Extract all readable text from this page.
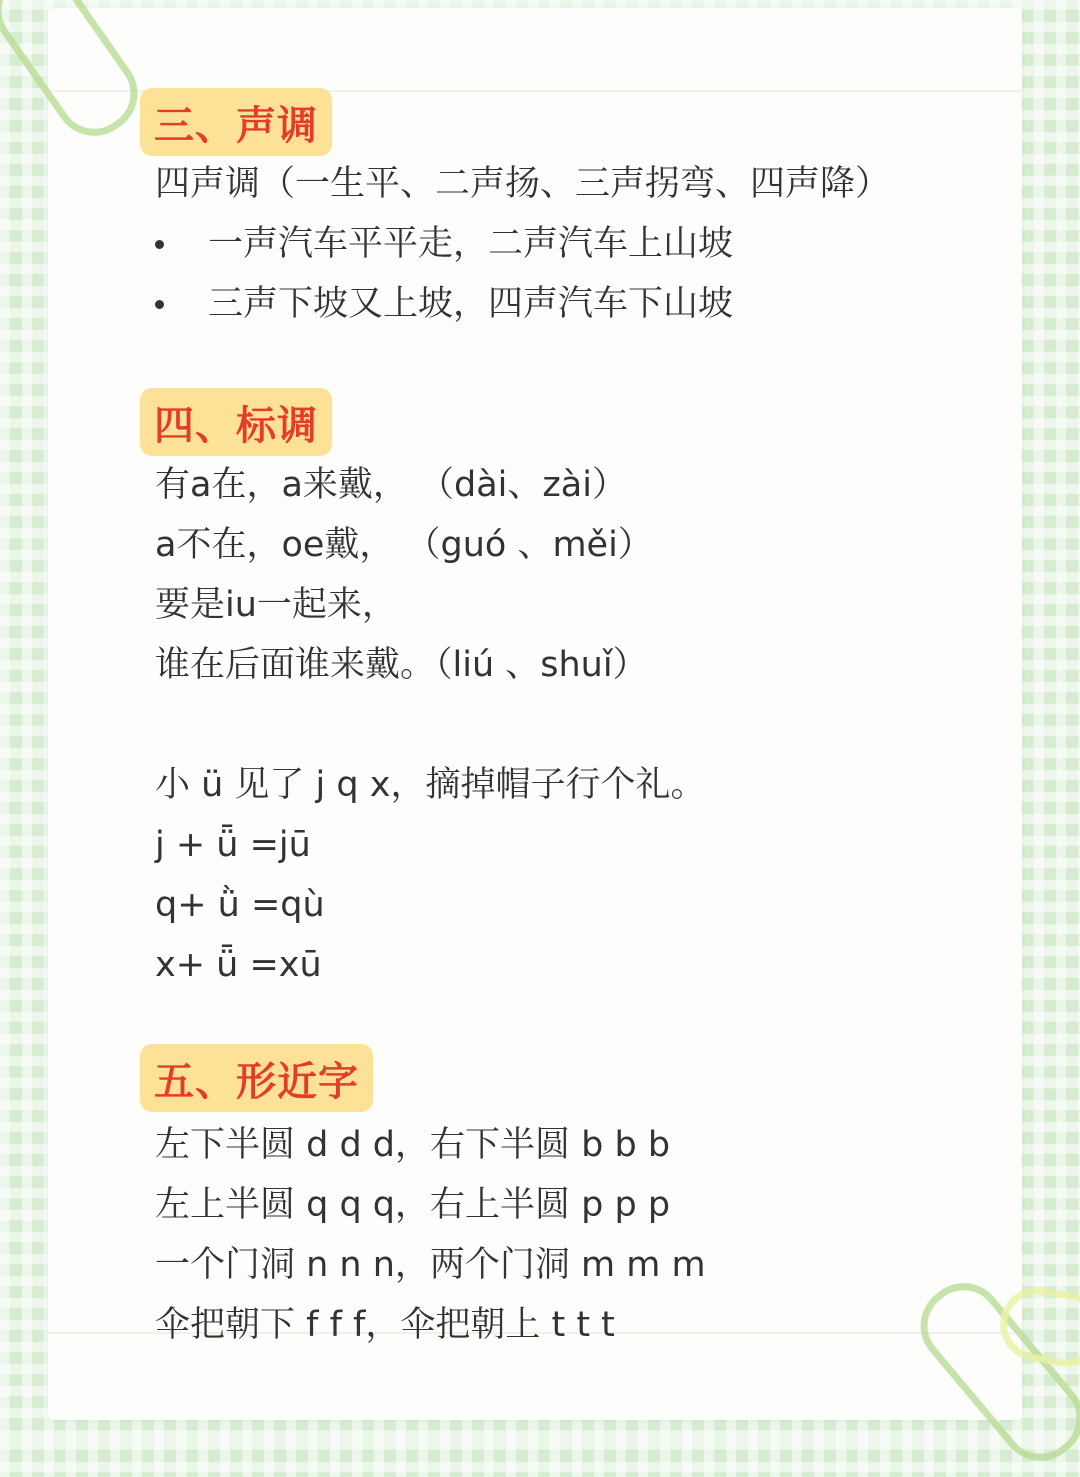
三、声调
四声调（一生平、二声扬、三声拐弯、四声降）
一声汽车平平走，二声汽车上山坡
三声下坡又上坡，四声汽车下山坡
四、标调
有a在，a来戴， （dài、zài）
a不在，oe戴， （guó 、měi）
要是iu一起来，
谁在后面谁来戴。（liú 、shuǐ）
小 ü 见了 j q x，摘掉帽子行个礼。
j + ǖ =jū
q+ ǜ =qù
x+ ǖ =xū
五、形近字
左下半圆 d d d，右下半圆 b b b
左上半圆 q q q，右上半圆 p p p
一个门洞 n n n，两个门洞 m m m
伞把朝下 f f f，伞把朝上 t t t
